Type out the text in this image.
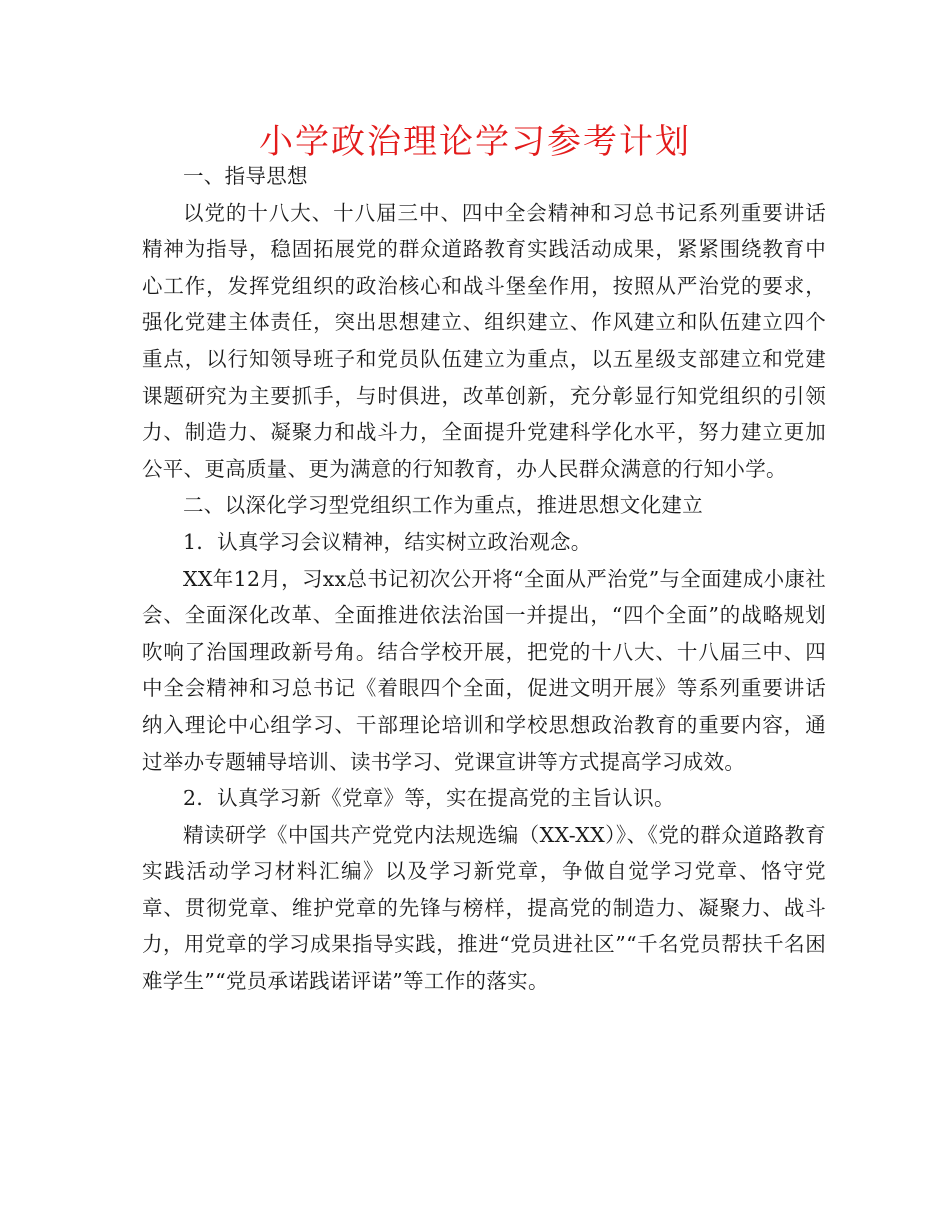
小学政治理论学习参考计划

一、指导思想

以党的十八大、十八届三中、四中全会精神和习总书记系列重要讲话精神为指导，稳固拓展党的群众道路教育实践活动成果，紧紧围绕教育中心工作，发挥党组织的政治核心和战斗堡垒作用，按照从严治党的要求，强化党建主体责任，突出思想建立、组织建立、作风建立和队伍建立四个重点，以行知领导班子和党员队伍建立为重点，以五星级支部建立和党建课题研究为主要抓手，与时俱进，改革创新，充分彰显行知党组织的引领力、制造力、凝聚力和战斗力，全面提升党建科学化水平，努力建立更加公平、更高质量、更为满意的行知教育，办人民群众满意的行知小学。

二、以深化学习型党组织工作为重点，推进思想文化建立

1．认真学习会议精神，结实树立政治观念。

XX年12月，习xx总书记初次公开将“全面从严治党”与全面建成小康社会、全面深化改革、全面推进依法治国一并提出，“四个全面”的战略规划吹响了治国理政新号角。结合学校开展，把党的十八大、十八届三中、四中全会精神和习总书记《着眼四个全面，促进文明开展》等系列重要讲话纳入理论中心组学习、干部理论培训和学校思想政治教育的重要内容，通过举办专题辅导培训、读书学习、党课宣讲等方式提高学习成效。

2．认真学习新《党章》等，实在提高党的主旨认识。

精读研学《中国共产党党内法规选编（XX-XX）》、《党的群众道路教育实践活动学习材料汇编》以及学习新党章，争做自觉学习党章、恪守党章、贯彻党章、维护党章的先锋与榜样，提高党的制造力、凝聚力、战斗力，用党章的学习成果指导实践，推进“党员进社区”“千名党员帮扶千名困难学生”“党员承诺践诺评诺”等工作的落实。
